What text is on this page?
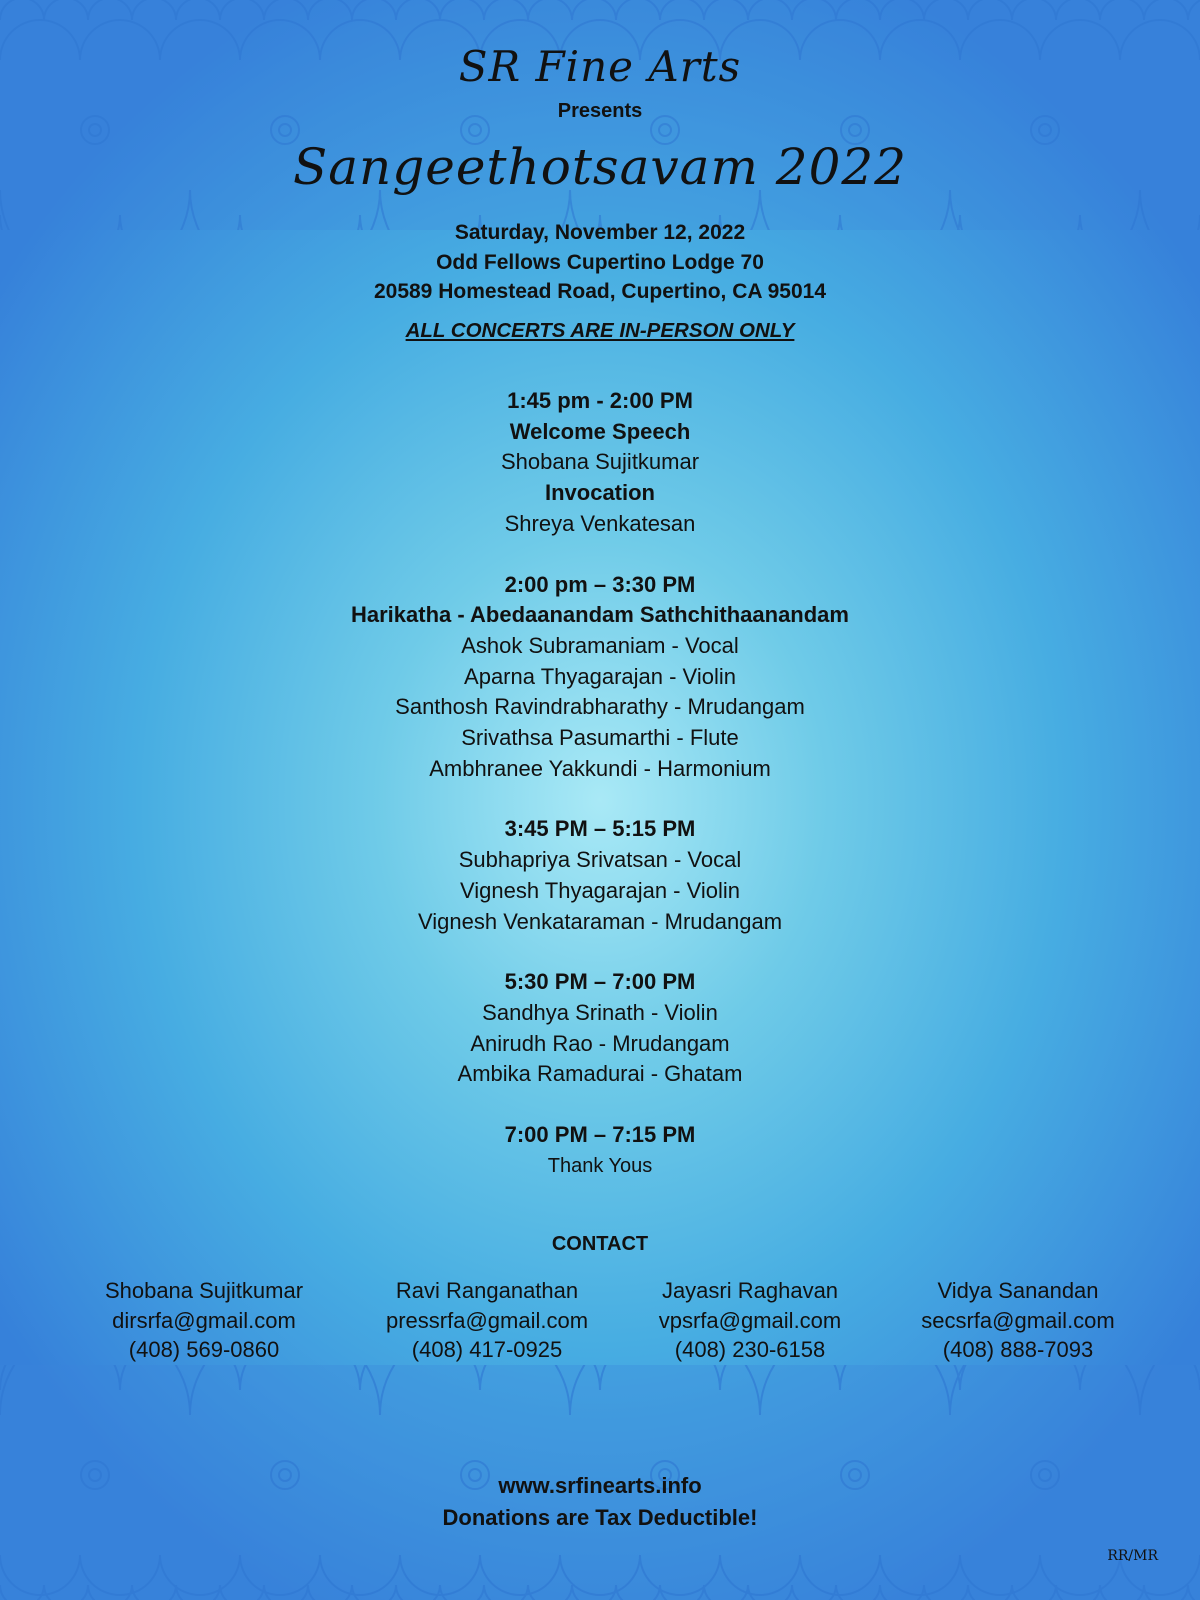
SR Fine Arts
Presents
Sangeethotsavam 2022
Saturday, November 12, 2022
Odd Fellows Cupertino Lodge 70
20589 Homestead Road, Cupertino, CA 95014
ALL CONCERTS ARE IN-PERSON ONLY
1:45 pm - 2:00 PM
Welcome Speech
Shobana Sujitkumar
Invocation
Shreya Venkatesan
2:00 pm – 3:30 PM
Harikatha - Abedaanandam Sathchithaanandam
Ashok Subramaniam - Vocal
Aparna Thyagarajan - Violin
Santhosh Ravindrabharathy - Mrudangam
Srivathsa Pasumarthi - Flute
Ambhranee Yakkundi - Harmonium
3:45 PM – 5:15 PM
Subhapriya Srivatsan - Vocal
Vignesh Thyagarajan - Violin
Vignesh Venkataraman - Mrudangam
5:30 PM – 7:00 PM
Sandhya Srinath - Violin
Anirudh Rao - Mrudangam
Ambika Ramadurai - Ghatam
7:00 PM – 7:15 PM
Thank Yous
CONTACT
Shobana Sujitkumar
dirsrfa@gmail.com
(408) 569-0860
Ravi Ranganathan
pressrfa@gmail.com
(408) 417-0925
Jayasri Raghavan
vpsrfa@gmail.com
(408) 230-6158
Vidya Sanandan
secsrfa@gmail.com
(408) 888-7093
www.srfinearts.info
Donations are Tax Deductible!
RR/MR
